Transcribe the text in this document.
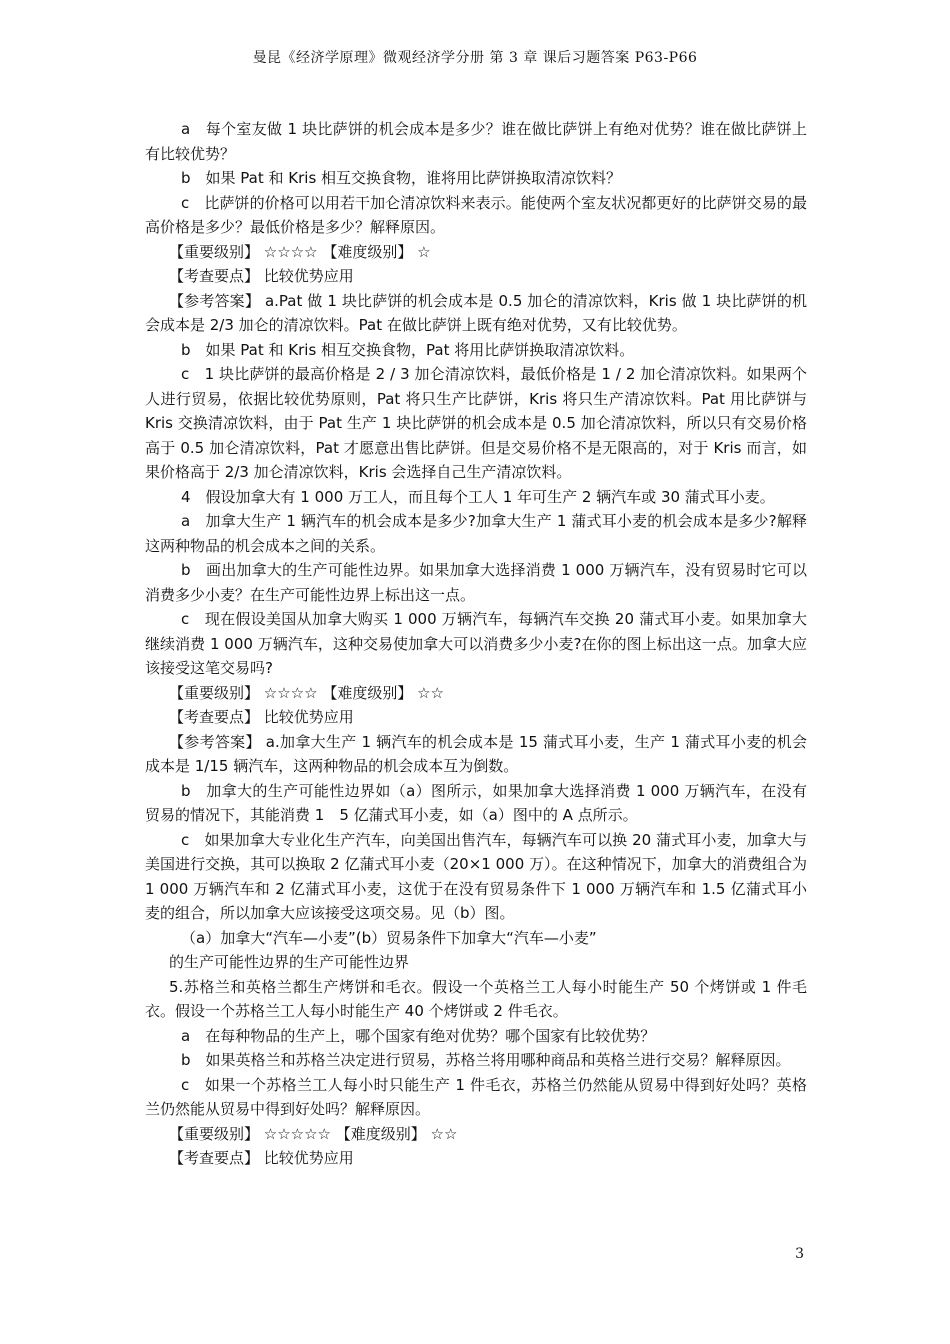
曼昆《经济学原理》微观经济学分册 第 3 章 课后习题答案 P63-P66

a　每个室友做 1 块比萨饼的机会成本是多少？谁在做比萨饼上有绝对优势？谁在做比萨饼上有比较优势？

b　如果 Pat 和 Kris 相互交换食物，谁将用比萨饼换取清凉饮料？

c　比萨饼的价格可以用若干加仑清凉饮料来表示。能使两个室友状况都更好的比萨饼交易的最高价格是多少？最低价格是多少？解释原因。

【重要级别】 ☆☆☆☆ 【难度级别】 ☆

【考查要点】 比较优势应用

【参考答案】 a.Pat 做 1 块比萨饼的机会成本是 0.5 加仑的清凉饮料，Kris 做 1 块比萨饼的机会成本是 2/3 加仑的清凉饮料。Pat 在做比萨饼上既有绝对优势，又有比较优势。

b　如果 Pat 和 Kris 相互交换食物，Pat 将用比萨饼换取清凉饮料。

c　1 块比萨饼的最高价格是 2 / 3 加仑清凉饮料，最低价格是 1 / 2 加仑清凉饮料。如果两个人进行贸易，依据比较优势原则，Pat 将只生产比萨饼，Kris 将只生产清凉饮料。Pat 用比萨饼与 Kris 交换清凉饮料，由于 Pat 生产 1 块比萨饼的机会成本是 0.5 加仑清凉饮料，所以只有交易价格高于 0.5 加仑清凉饮料，Pat 才愿意出售比萨饼。但是交易价格不是无限高的，对于 Kris 而言，如果价格高于 2/3 加仑清凉饮料，Kris 会选择自己生产清凉饮料。

4　假设加拿大有 1 000 万工人，而且每个工人 1 年可生产 2 辆汽车或 30 蒲式耳小麦。

a　加拿大生产 1 辆汽车的机会成本是多少?加拿大生产 1 蒲式耳小麦的机会成本是多少?解释这两种物品的机会成本之间的关系。

b　画出加拿大的生产可能性边界。如果加拿大选择消费 1 000 万辆汽车，没有贸易时它可以消费多少小麦？在生产可能性边界上标出这一点。

c　现在假设美国从加拿大购买 1 000 万辆汽车，每辆汽车交换 20 蒲式耳小麦。如果加拿大继续消费 1 000 万辆汽车，这种交易使加拿大可以消费多少小麦?在你的图上标出这一点。加拿大应该接受这笔交易吗?

【重要级别】 ☆☆☆☆ 【难度级别】 ☆☆

【考查要点】 比较优势应用

【参考答案】 a.加拿大生产 1 辆汽车的机会成本是 15 蒲式耳小麦，生产 1 蒲式耳小麦的机会成本是 1/15 辆汽车，这两种物品的机会成本互为倒数。

b　加拿大的生产可能性边界如（a）图所示，如果加拿大选择消费 1 000 万辆汽车，在没有贸易的情况下，其能消费 1　5 亿蒲式耳小麦，如（a）图中的 A 点所示。

c　如果加拿大专业化生产汽车，向美国出售汽车，每辆汽车可以换 20 蒲式耳小麦，加拿大与美国进行交换，其可以换取 2 亿蒲式耳小麦（20×1 000 万）。在这种情况下，加拿大的消费组合为 1 000 万辆汽车和 2 亿蒲式耳小麦，这优于在没有贸易条件下 1 000 万辆汽车和 1.5 亿蒲式耳小麦的组合，所以加拿大应该接受这项交易。见（b）图。

（a）加拿大“汽车—小麦”(b）贸易条件下加拿大“汽车—小麦”

的生产可能性边界的生产可能性边界

5.苏格兰和英格兰都生产烤饼和毛衣。假设一个英格兰工人每小时能生产 50 个烤饼或 1 件毛衣。假设一个苏格兰工人每小时能生产 40 个烤饼或 2 件毛衣。

a　在每种物品的生产上，哪个国家有绝对优势？哪个国家有比较优势？

b　如果英格兰和苏格兰决定进行贸易，苏格兰将用哪种商品和英格兰进行交易？解释原因。

c　如果一个苏格兰工人每小时只能生产 1 件毛衣，苏格兰仍然能从贸易中得到好处吗？英格兰仍然能从贸易中得到好处吗？解释原因。

【重要级别】 ☆☆☆☆☆ 【难度级别】 ☆☆

【考查要点】 比较优势应用

3
